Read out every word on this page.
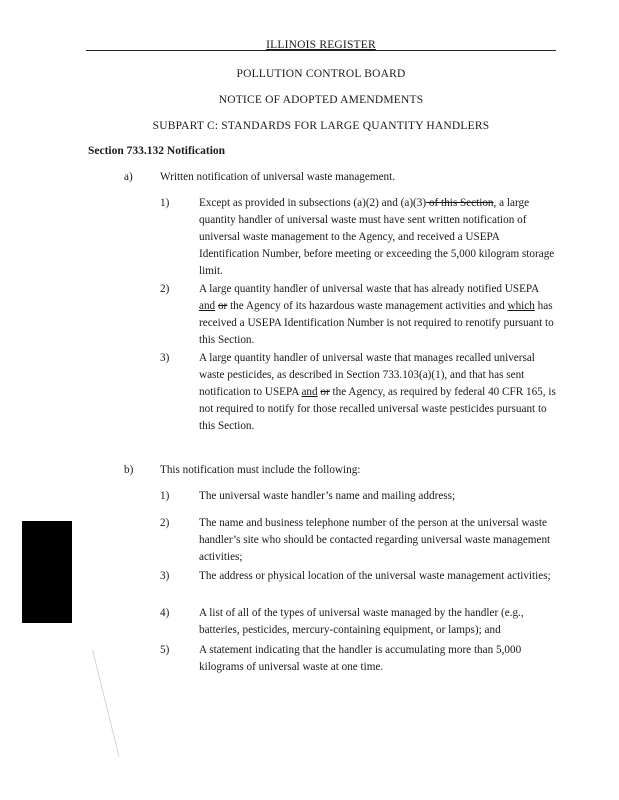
ILLINOIS REGISTER
POLLUTION CONTROL BOARD
NOTICE OF ADOPTED AMENDMENTS
SUBPART C: STANDARDS FOR LARGE QUANTITY HANDLERS
Section 733.132 Notification
a) Written notification of universal waste management.
1)	Except as provided in subsections (a)(2) and (a)(3) of this Section, a large quantity handler of universal waste must have sent written notification of universal waste management to the Agency, and received a USEPA Identification Number, before meeting or exceeding the 5,000 kilogram storage limit.
2)	A large quantity handler of universal waste that has already notified USEPA and or the Agency of its hazardous waste management activities and which has received a USEPA Identification Number is not required to renotify pursuant to this Section.
3)	A large quantity handler of universal waste that manages recalled universal waste pesticides, as described in Section 733.103(a)(1), and that has sent notification to USEPA and or the Agency, as required by federal 40 CFR 165, is not required to notify for those recalled universal waste pesticides pursuant to this Section.
b) This notification must include the following:
1)	The universal waste handler’s name and mailing address;
2)	The name and business telephone number of the person at the universal waste handler’s site who should be contacted regarding universal waste management activities;
3)	The address or physical location of the universal waste management activities;
4)	A list of all of the types of universal waste managed by the handler (e.g., batteries, pesticides, mercury-containing equipment, or lamps); and
5)	A statement indicating that the handler is accumulating more than 5,000 kilograms of universal waste at one time.
